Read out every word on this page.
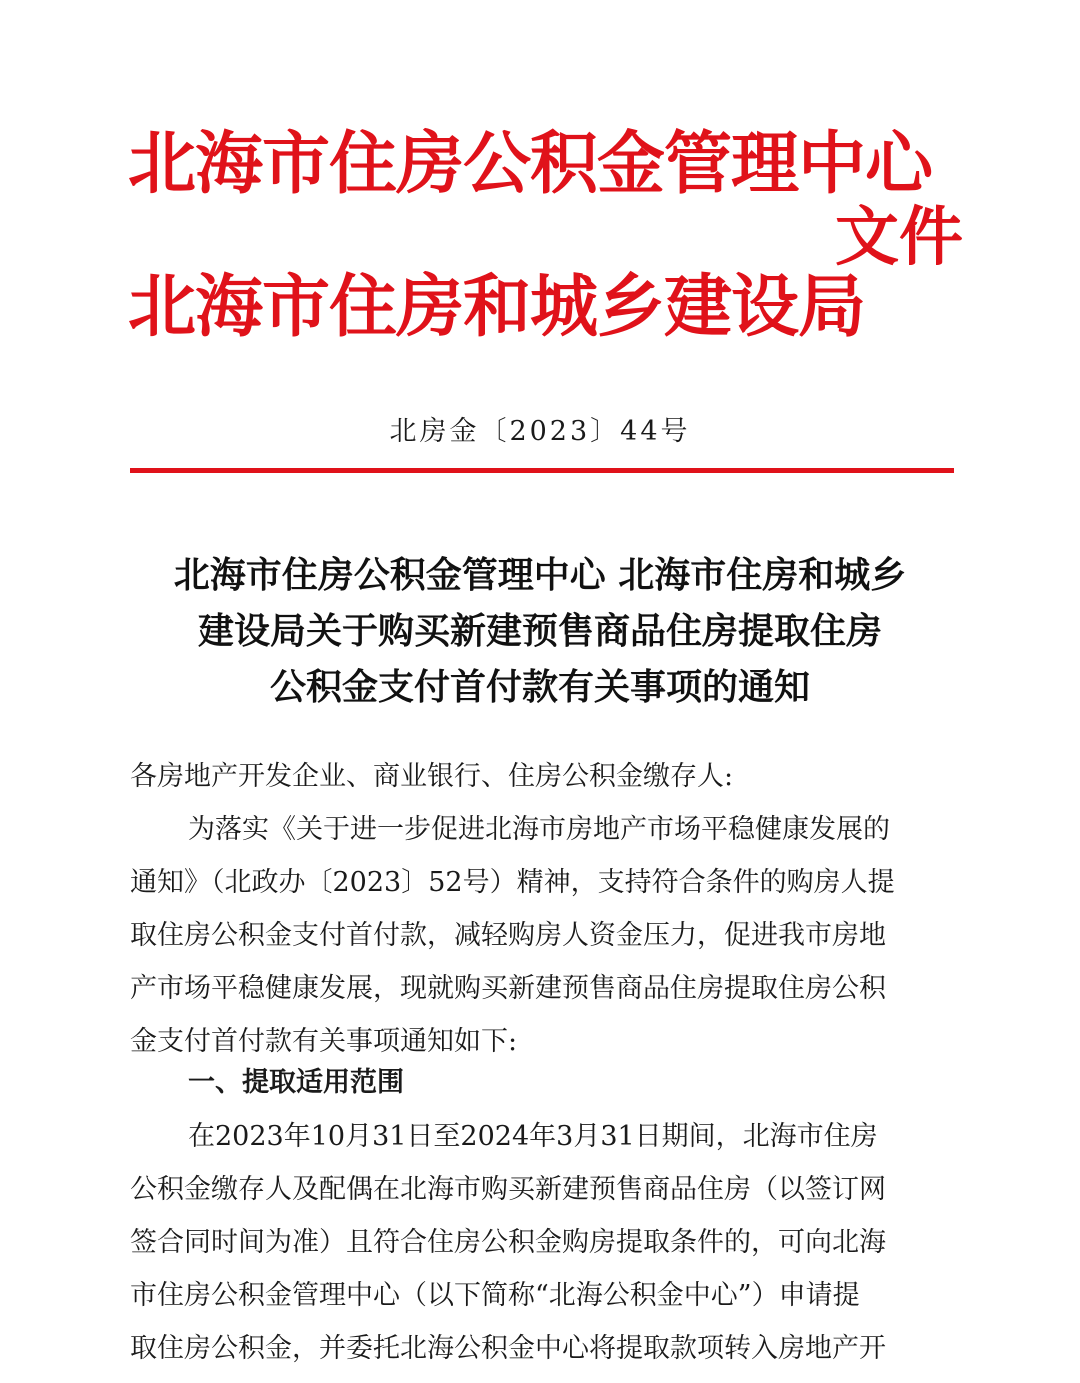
北海市住房公积金管理中心
文件
北海市住房和城乡建设局
北房金〔2023〕44号
北海市住房公积金管理中心 北海市住房和城乡
建设局关于购买新建预售商品住房提取住房
公积金支付首付款有关事项的通知
各房地产开发企业、商业银行、住房公积金缴存人:
为落实《关于进一步促进北海市房地产市场平稳健康发展的
通知》（北政办〔2023〕52号）精神，支持符合条件的购房人提
取住房公积金支付首付款，减轻购房人资金压力，促进我市房地
产市场平稳健康发展，现就购买新建预售商品住房提取住房公积
金支付首付款有关事项通知如下:
一、提取适用范围
在2023年10月31日至2024年3月31日期间，北海市住房
公积金缴存人及配偶在北海市购买新建预售商品住房（以签订网
签合同时间为准）且符合住房公积金购房提取条件的，可向北海
市住房公积金管理中心（以下简称“北海公积金中心”）申请提
取住房公积金，并委托北海公积金中心将提取款项转入房地产开
